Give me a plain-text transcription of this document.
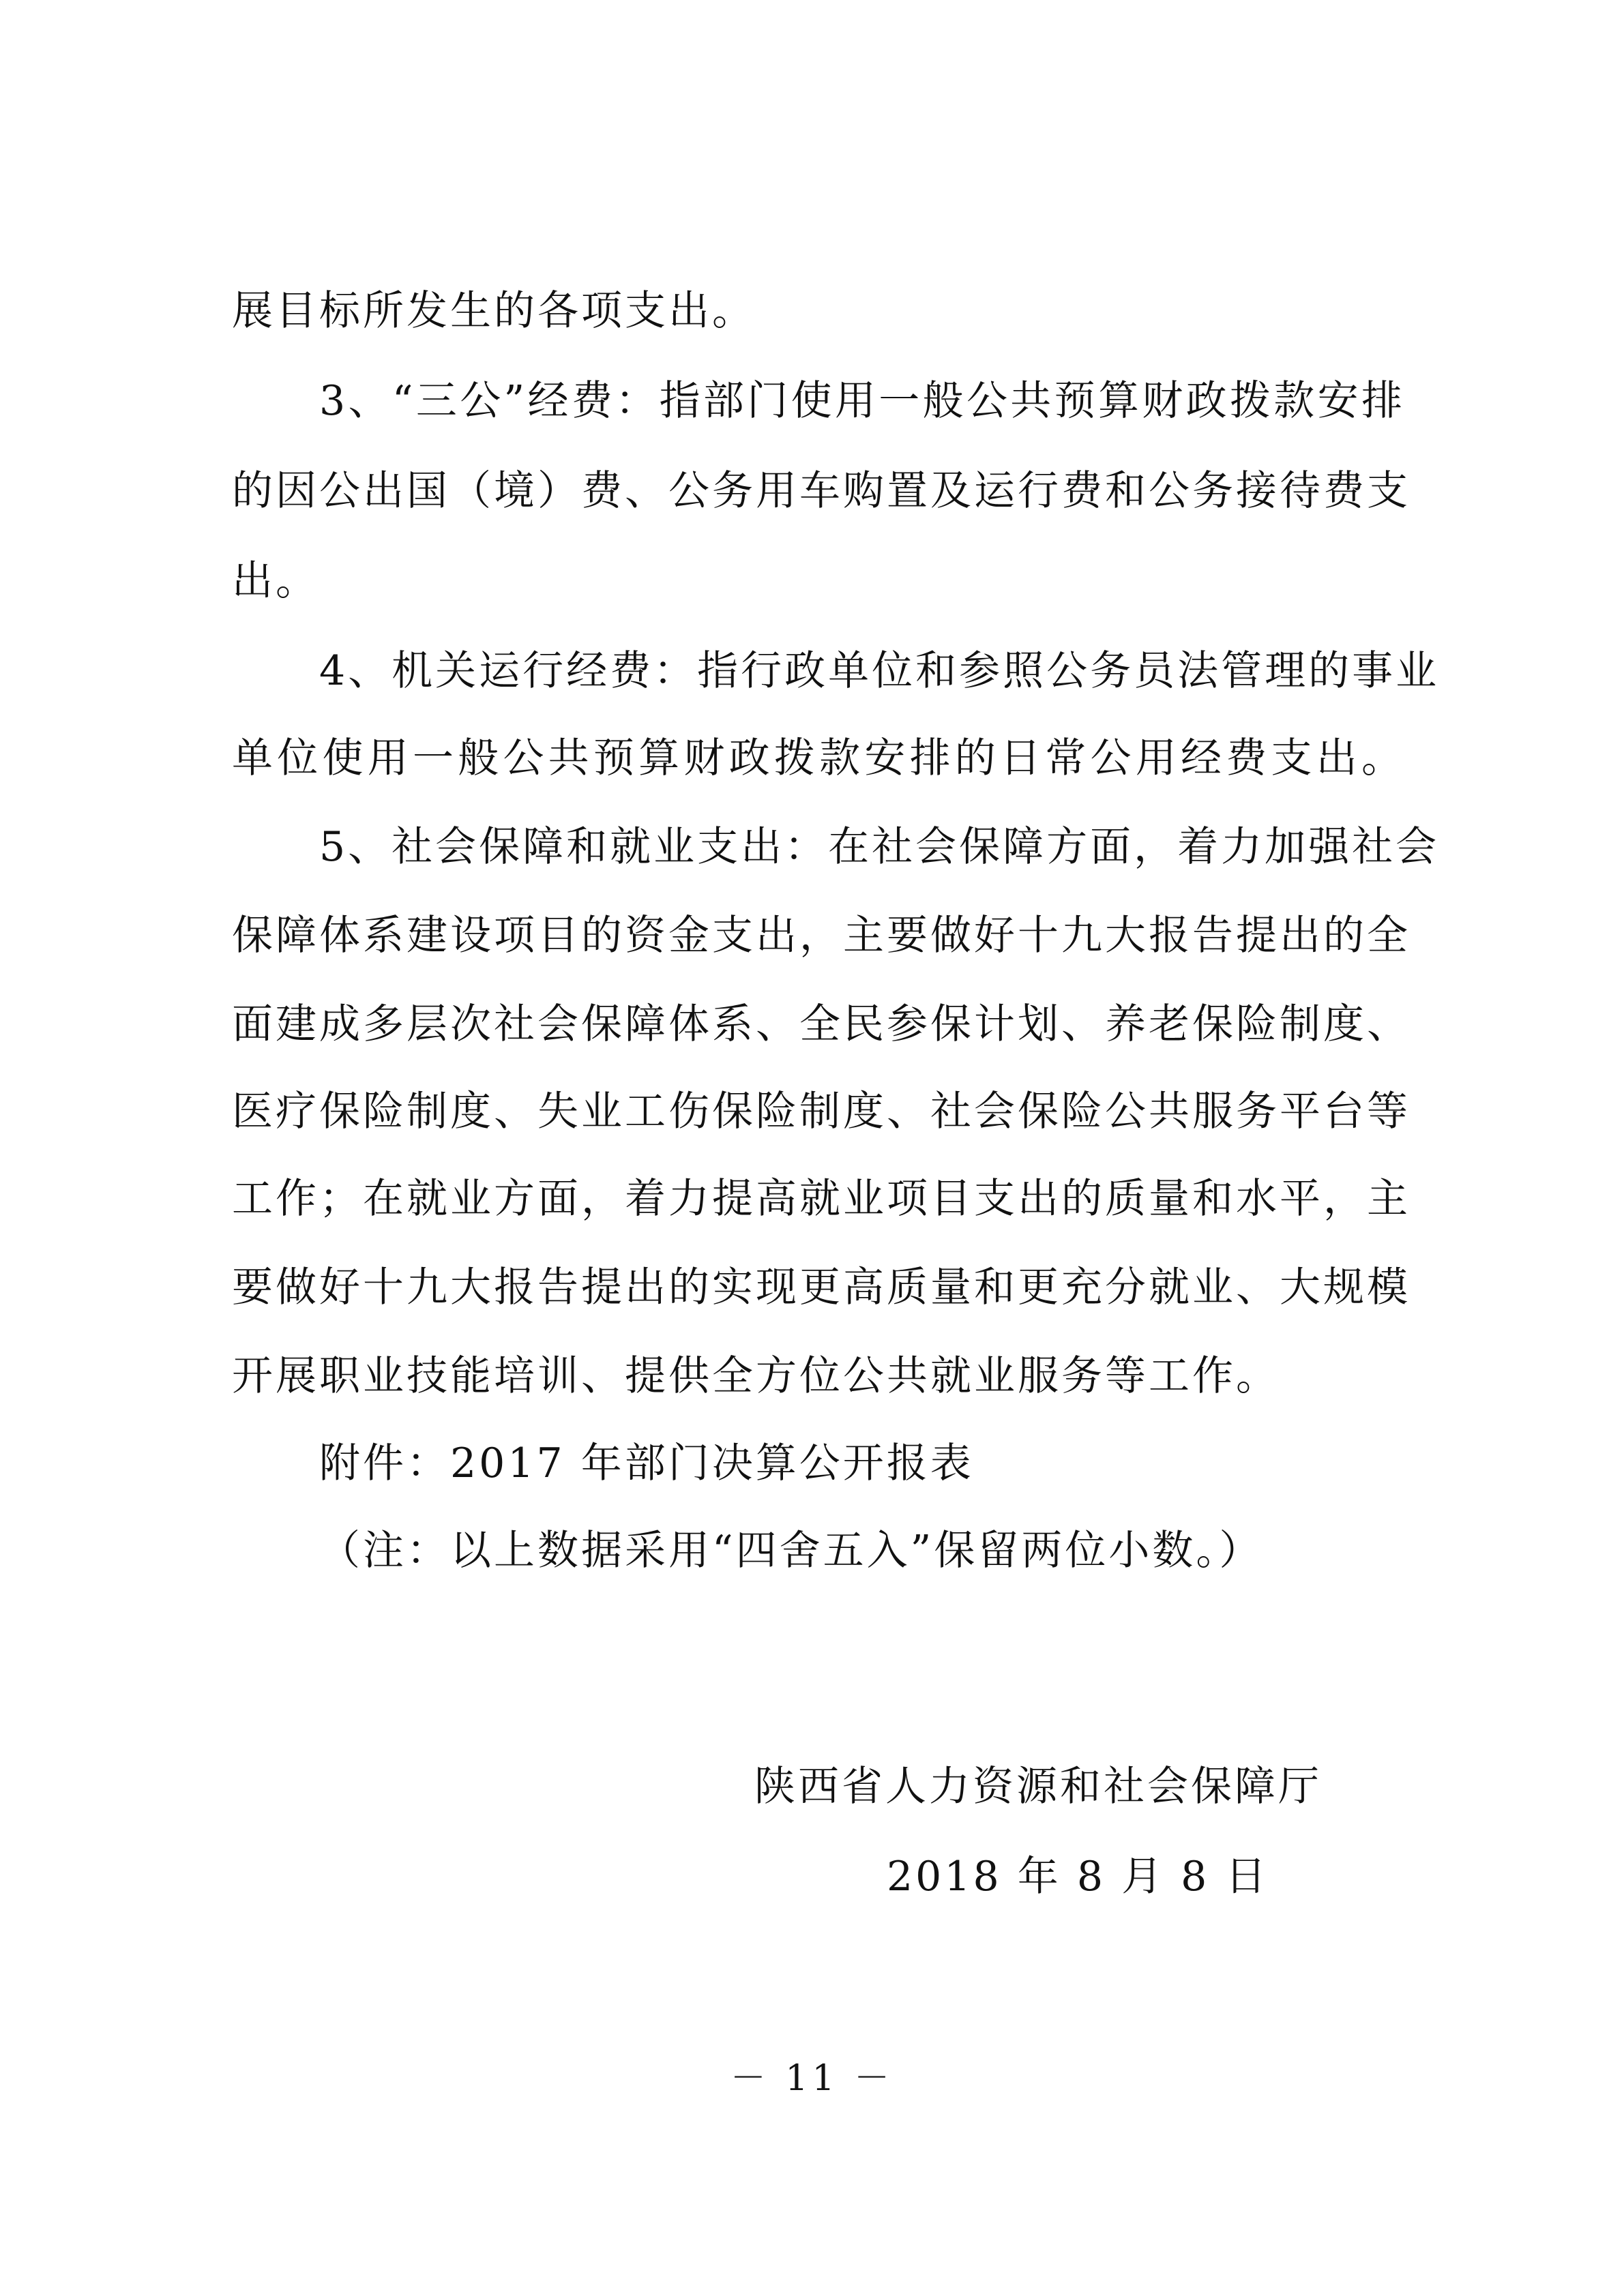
展目标所发生的各项支出。
3、“三公”经费：指部门使用一般公共预算财政拨款安排
的因公出国（境）费、公务用车购置及运行费和公务接待费支
出。
4、机关运行经费：指行政单位和参照公务员法管理的事业
单位使用一般公共预算财政拨款安排的日常公用经费支出。
5、社会保障和就业支出：在社会保障方面，着力加强社会
保障体系建设项目的资金支出，主要做好十九大报告提出的全
面建成多层次社会保障体系、全民参保计划、养老保险制度、
医疗保险制度、失业工伤保险制度、社会保险公共服务平台等
工作；在就业方面，着力提高就业项目支出的质量和水平，主
要做好十九大报告提出的实现更高质量和更充分就业、大规模
开展职业技能培训、提供全方位公共就业服务等工作。
附件：2017 年部门决算公开报表
（注：以上数据采用“四舍五入”保留两位小数。）
陕西省人力资源和社会保障厅
2018 年 8 月 8 日
－ 11 －
